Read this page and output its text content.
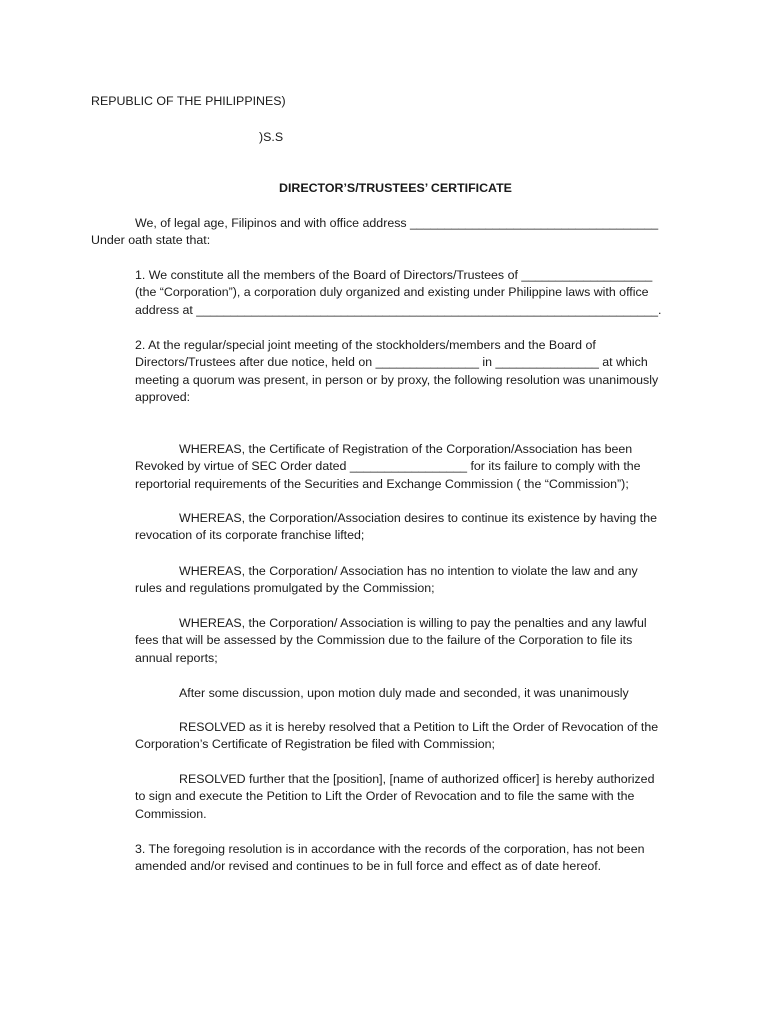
REPUBLIC OF THE PHILIPPINES)
)S.S
DIRECTOR’S/TRUSTEES’ CERTIFICATE
We, of legal age, Filipinos and with office address ____________________________________
Under oath state that:
1. We constitute all the members of the Board of Directors/Trustees of ___________________
(the “Corporation”), a corporation duly organized and existing under Philippine laws with office
address at ___________________________________________________________________.
2. At the regular/special joint meeting of the stockholders/members and the Board of
Directors/Trustees after due notice, held on _______________ in _______________ at which
meeting a quorum was present, in person or by proxy, the following resolution was unanimously
approved:
WHEREAS, the Certificate of Registration of the Corporation/Association has been
Revoked by virtue of SEC Order dated _________________ for its failure to comply with the
reportorial requirements of the Securities and Exchange Commission ( the “Commission”);
WHEREAS, the Corporation/Association desires to continue its existence by having the
revocation of its corporate franchise lifted;
WHEREAS, the Corporation/ Association has no intention to violate the law and any
rules and regulations promulgated by the Commission;
WHEREAS, the Corporation/ Association is willing to pay the penalties and any lawful
fees that will be assessed by the Commission due to the failure of the Corporation to file its
annual reports;
After some discussion, upon motion duly made and seconded, it was unanimously
RESOLVED as it is hereby resolved that a Petition to Lift the Order of Revocation of the
Corporation’s Certificate of Registration be filed with Commission;
RESOLVED further that the [position], [name of authorized officer] is hereby authorized
to sign and execute the Petition to Lift the Order of Revocation and to file the same with the
Commission.
3. The foregoing resolution is in accordance with the records of the corporation, has not been
amended and/or revised and continues to be in full force and effect as of date hereof.
